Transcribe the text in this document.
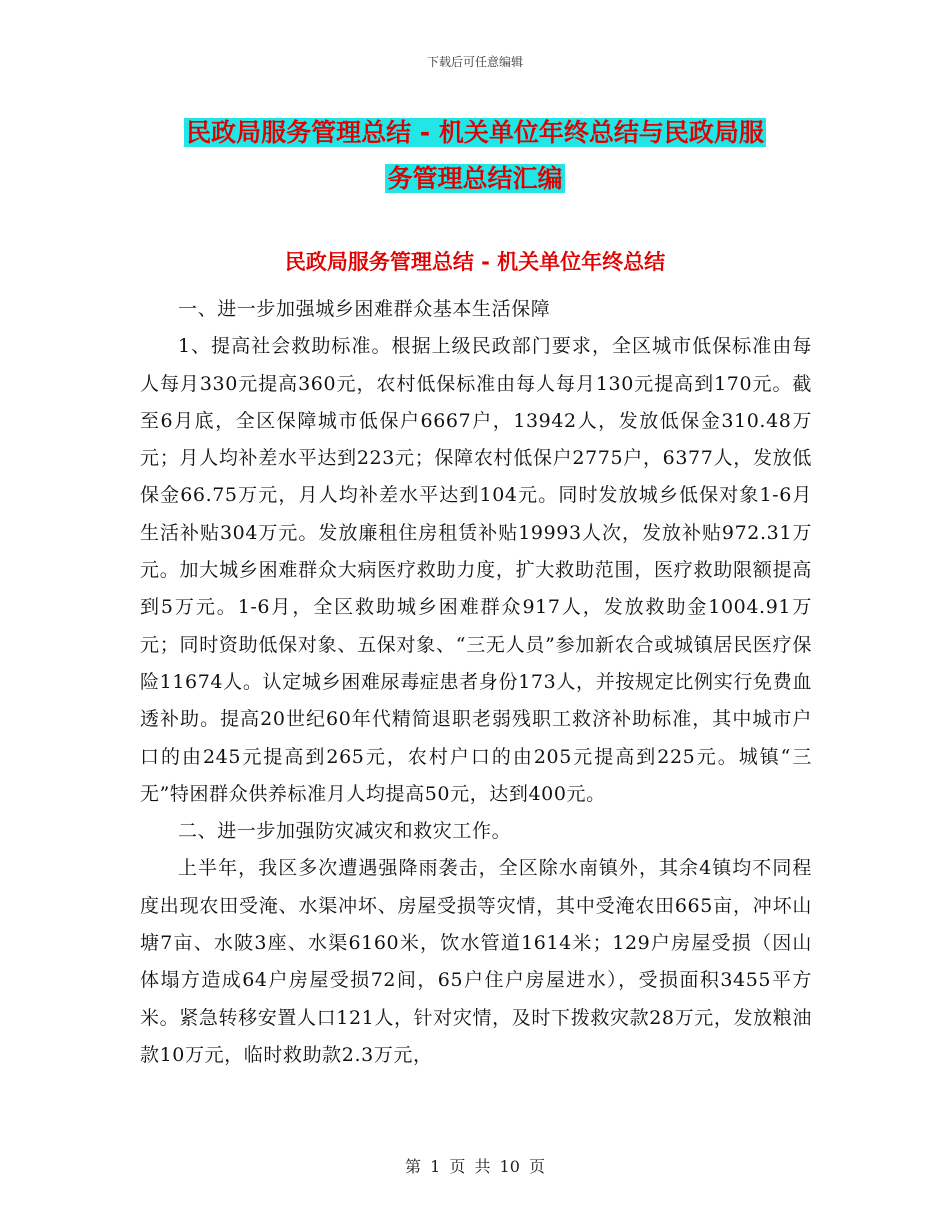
下载后可任意编辑
民政局服务管理总结 - 机关单位年终总结与民政局服
务管理总结汇编
民政局服务管理总结 - 机关单位年终总结

一、进一步加强城乡困难群众基本生活保障

1、提高社会救助标准。根据上级民政部门要求，全区城市低保标准由每人每月330元提高360元，农村低保标准由每人每月130元提高到170元。截至6月底，全区保障城市低保户6667户，13942人，发放低保金310.48万元；月人均补差水平达到223元；保障农村低保户2775户，6377人，发放低保金66.75万元，月人均补差水平达到104元。同时发放城乡低保对象1-6月生活补贴304万元。发放廉租住房租赁补贴19993人次，发放补贴972.31万元。加大城乡困难群众大病医疗救助力度，扩大救助范围，医疗救助限额提高到5万元。1-6月，全区救助城乡困难群众917人，发放救助金1004.91万元；同时资助低保对象、五保对象、“三无人员”参加新农合或城镇居民医疗保险11674人。认定城乡困难尿毒症患者身份173人，并按规定比例实行免费血透补助。提高20世纪60年代精简退职老弱残职工救济补助标准，其中城市户口的由245元提高到265元，农村户口的由205元提高到225元。城镇“三无”特困群众供养标准月人均提高50元，达到400元。

二、进一步加强防灾减灾和救灾工作。

上半年，我区多次遭遇强降雨袭击，全区除水南镇外，其余4镇均不同程度出现农田受淹、水渠冲坏、房屋受损等灾情，其中受淹农田665亩，冲坏山塘7亩、水陂3座、水渠6160米，饮水管道1614米；129户房屋受损（因山体塌方造成64户房屋受损72间，65户住户房屋进水），受损面积3455平方米。紧急转移安置人口121人，针对灾情，及时下拨救灾款28万元，发放粮油款10万元，临时救助款2.3万元，

第 1 页 共 10 页
